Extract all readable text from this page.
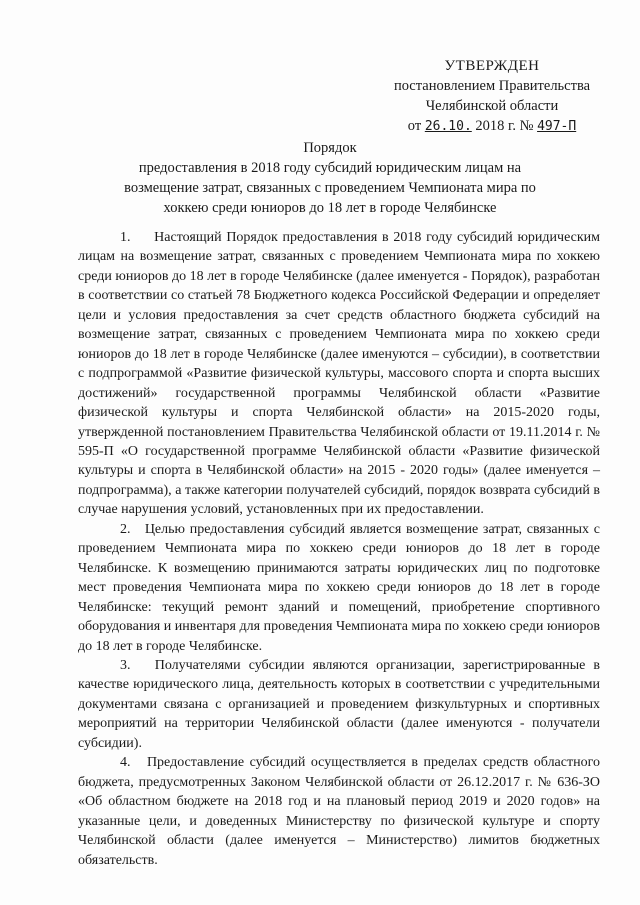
УТВЕРЖДЕН
постановлением Правительства
Челябинской области
от 26.10. 2018 г. № 497-П
Порядок
предоставления в 2018 году субсидий юридическим лицам на возмещение затрат, связанных с проведением Чемпионата мира по хоккею среди юниоров до 18 лет в городе Челябинске

1.     Настоящий Порядок предоставления в 2018 году субсидий юридическим лицам на возмещение затрат, связанных с проведением Чемпионата мира по хоккею среди юниоров до 18 лет в городе Челябинске (далее именуется - Порядок), разработан в соответствии со статьей 78 Бюджетного кодекса Российской Федерации и определяет цели и условия предоставления за счет средств областного бюджета субсидий на возмещение затрат, связанных с проведением Чемпионата мира по хоккею среди юниоров до 18 лет в городе Челябинске (далее именуются – субсидии), в соответствии с подпрограммой «Развитие физической культуры, массового спорта и спорта высших достижений» государственной программы Челябинской области «Развитие физической культуры и спорта Челябинской области» на 2015-2020 годы, утвержденной постановлением Правительства Челябинской области от 19.11.2014 г. № 595-П «О государственной программе Челябинской области «Развитие физической культуры и спорта в Челябинской области» на 2015 - 2020 годы» (далее именуется – подпрограмма), а также категории получателей субсидий, порядок возврата субсидий в случае нарушения условий, установленных при их предоставлении.

2.   Целью предоставления субсидий является возмещение затрат, связанных с проведением Чемпионата мира по хоккею среди юниоров до 18 лет в городе Челябинске. К возмещению принимаются затраты юридических лиц по подготовке мест проведения Чемпионата мира по хоккею среди юниоров до 18 лет в городе Челябинске: текущий ремонт зданий и помещений, приобретение спортивного оборудования и инвентаря для проведения Чемпионата мира по хоккею среди юниоров до 18 лет в городе Челябинске.

3.   Получателями субсидии являются организации, зарегистрированные в качестве юридического лица, деятельность которых в соответствии с учредительными документами связана с организацией и проведением физкультурных и спортивных мероприятий на территории Челябинской области (далее именуются - получатели субсидии).

4.   Предоставление субсидий осуществляется в пределах средств областного бюджета, предусмотренных Законом Челябинской области от 26.12.2017 г. № 636-ЗО «Об областном бюджете на 2018 год и на плановый период 2019 и 2020 годов» на указанные цели, и доведенных Министерству по физической культуре и спорту Челябинской области (далее именуется – Министерство) лимитов бюджетных обязательств.
